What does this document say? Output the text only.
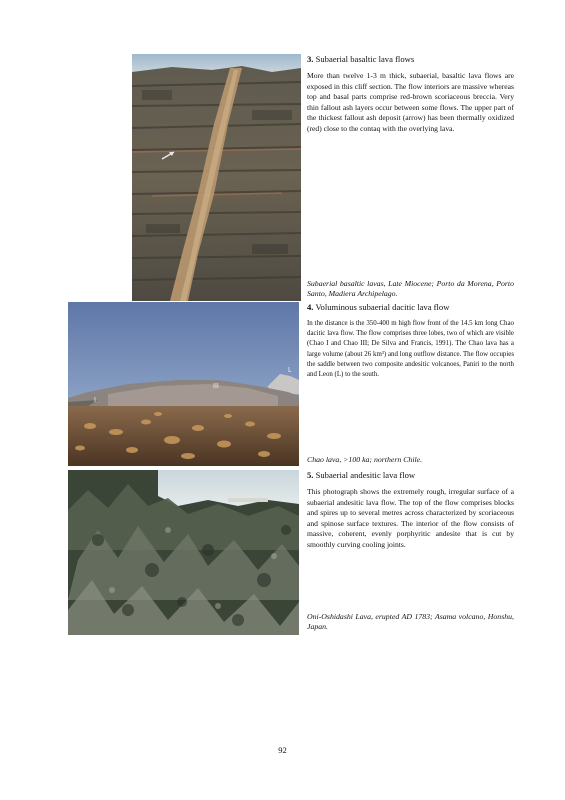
3. Subaerial basaltic lava flows

More than twelve 1-3 m thick, subaerial, basaltic lava flows are exposed in this cliff section. The flow interiors are massive whereas top and basal parts comprise red-brown scoriaceous breccia. Very thin fallout ash layers occur between some flows. The upper part of the thickest fallout ash deposit (arrow) has been thermally oxidized (red) close to the contaq with the overlying lava.

Subaerial basaltic lavas, Late Miocene; Porto da Morena, Porto Santo, Madiera Archipelago.

I
III
L

4. Voluminous subaerial dacitic lava flow

In the distance is the 350-400 m high flow front of the 14.5 km long Chao dacitic lava flow. The flow comprises three lobes, two of which are visible (Chao I and Chao III; De Silva and Francis, 1991). The Chao lava has a large volume (about 26 km³) and long outflow distance. The flow occupies the saddle between two composite andesitic volcanoes, Paniri to the north and Leon (L) to the south.

Chao lava, >100 ka; northern Chile.

5. Subaerial andesitic lava flow

This photograph shows the extremely rough, irregular surface of a subaerial andesitic lava flow. The top of the flow comprises blocks and spires up to several metres across characterized by scoriaceous and spinose surface textures. The interior of the flow consists of massive, coherent, evenly porphyritic andesite that is cut by smoothly curving cooling joints.

Oni-Oshidashi Lava, erupted AD 1783; Asama volcano, Honshu, Japan.

92
